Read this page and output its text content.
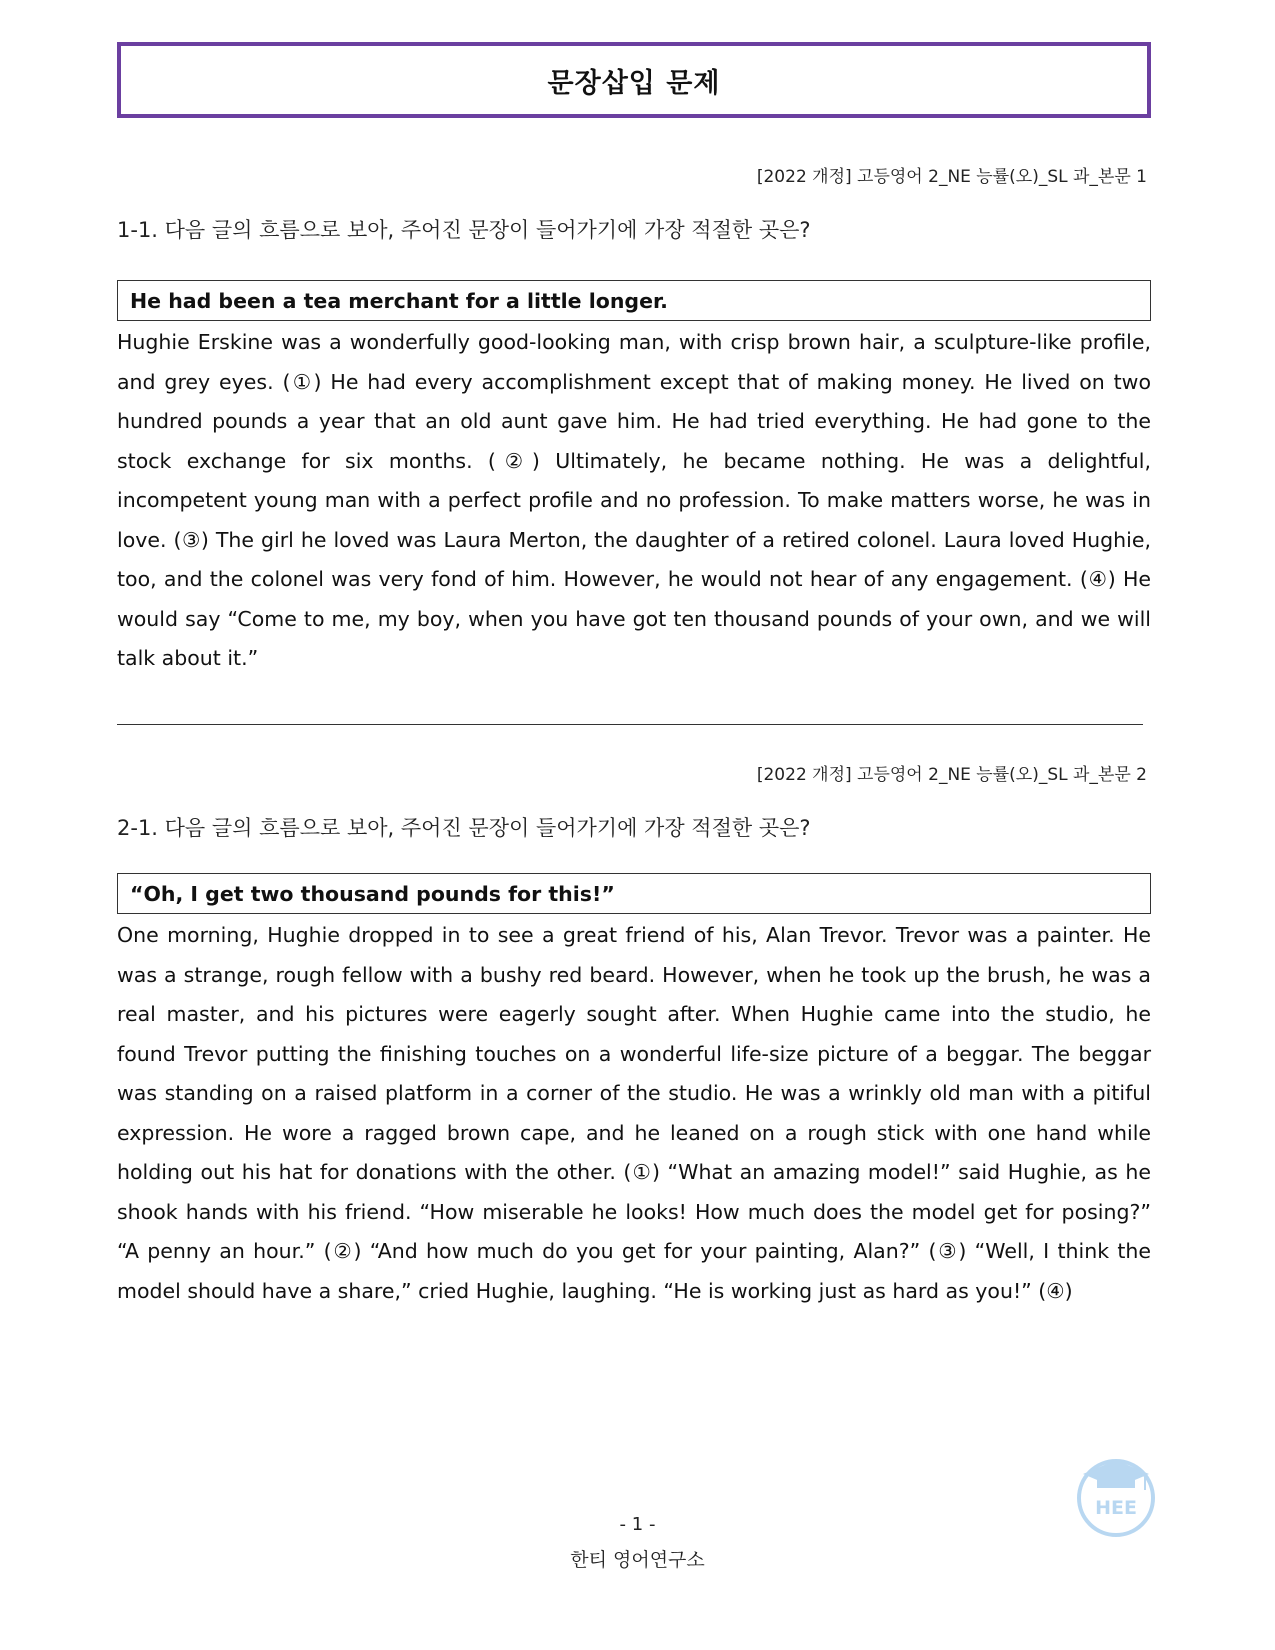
문장삽입 문제
[2022 개정] 고등영어 2_NE 능률(오)_SL 과_본문 1
1-1. 다음 글의 흐름으로 보아, 주어진 문장이 들어가기에 가장 적절한 곳은?
He had been a tea merchant for a little longer.

Hughie Erskine was a wonderfully good-looking man, with crisp brown hair, a sculpture-like profile, and grey eyes. (①) He had every accomplishment except that of making money. He lived on two hundred pounds a year that an old aunt gave him. He had tried everything. He had gone to the stock exchange for six months. (②) Ultimately, he became nothing. He was a delightful, incompetent young man with a perfect profile and no profession. To make matters worse, he was in love. (③) The girl he loved was Laura Merton, the daughter of a retired colonel. Laura loved Hughie, too, and the colonel was very fond of him. However, he would not hear of any engagement. (④) He would say “Come to me, my boy, when you have got ten thousand pounds of your own, and we will talk about it.”

[2022 개정] 고등영어 2_NE 능률(오)_SL 과_본문 2
2-1. 다음 글의 흐름으로 보아, 주어진 문장이 들어가기에 가장 적절한 곳은?
“Oh, I get two thousand pounds for this!”

One morning, Hughie dropped in to see a great friend of his, Alan Trevor. Trevor was a painter. He was a strange, rough fellow with a bushy red beard. However, when he took up the brush, he was a real master, and his pictures were eagerly sought after. When Hughie came into the studio, he found Trevor putting the finishing touches on a wonderful life-size picture of a beggar. The beggar was standing on a raised platform in a corner of the studio. He was a wrinkly old man with a pitiful expression. He wore a ragged brown cape, and he leaned on a rough stick with one hand while holding out his hat for donations with the other. (①) “What an amazing model!” said Hughie, as he shook hands with his friend. “How miserable he looks! How much does the model get for posing?” “A penny an hour.” (②) “And how much do you get for your painting, Alan?” (③) “Well, I think the model should have a share,” cried Hughie, laughing. “He is working just as hard as you!” (④)

- 1 -
한티 영어연구소
HEE
